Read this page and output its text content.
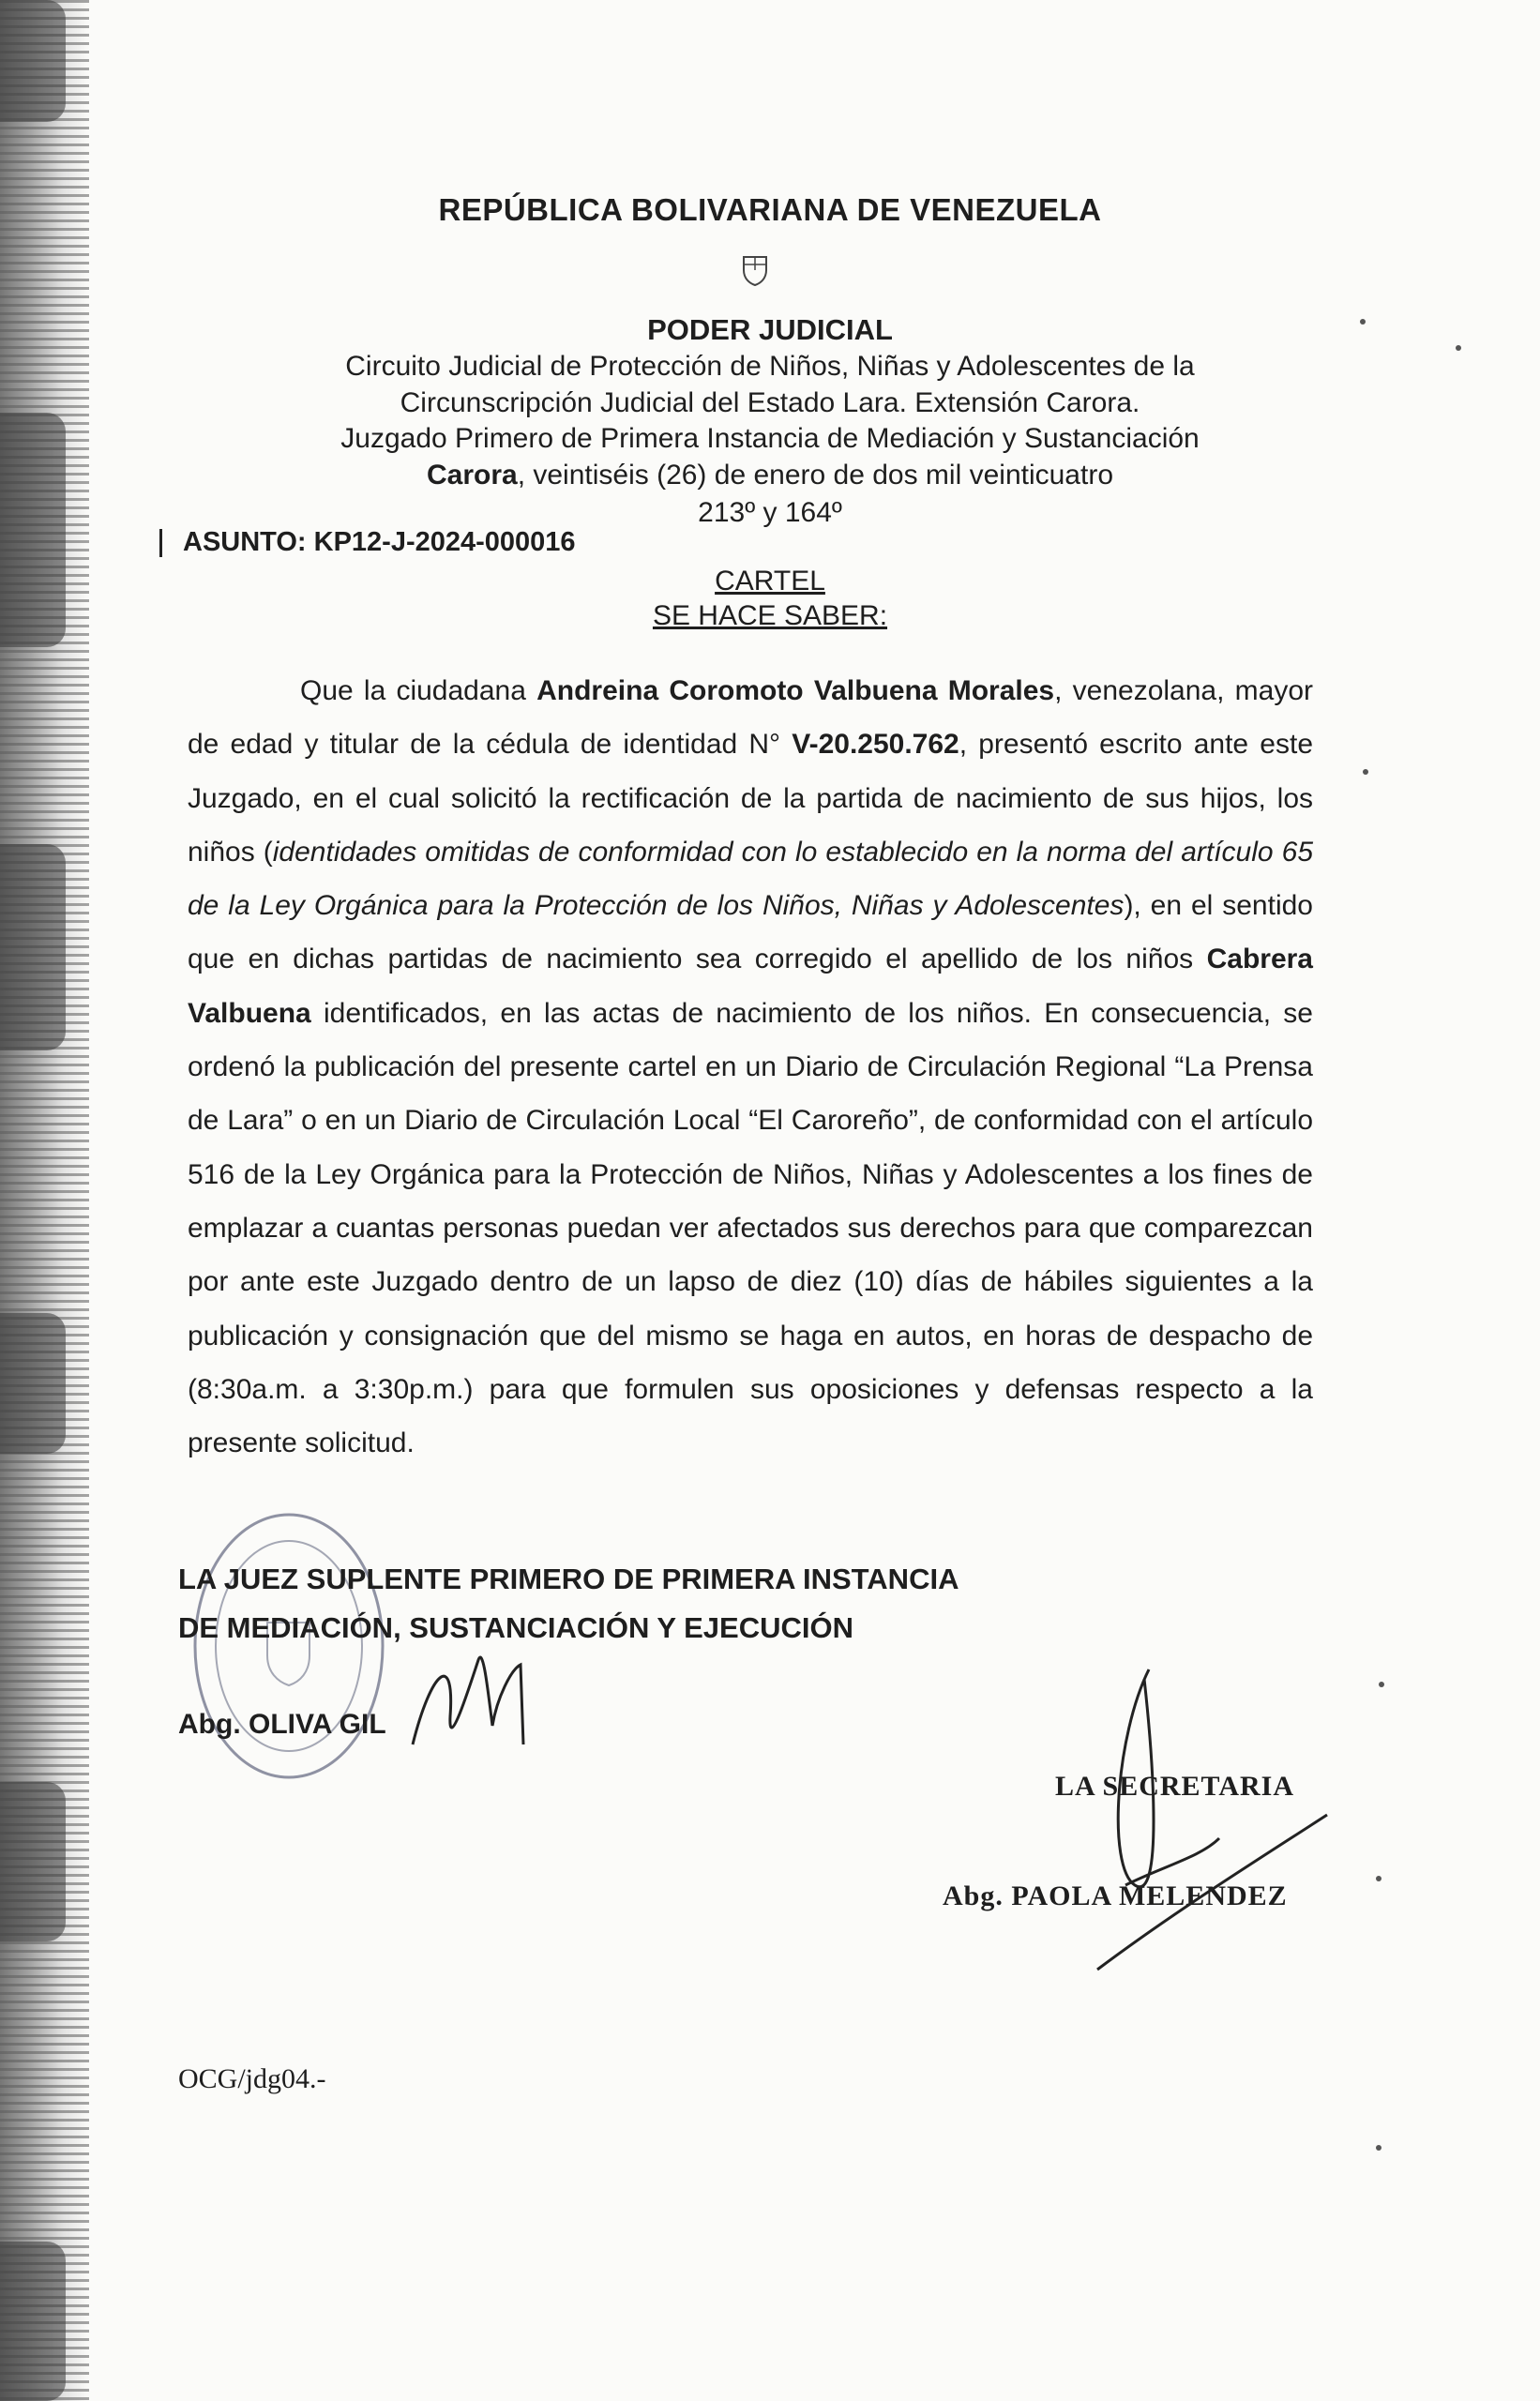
REPÚBLICA BOLIVARIANA DE VENEZUELA
PODER JUDICIAL
Circuito Judicial de Protección de Niños, Niñas y Adolescentes de la
Circunscripción Judicial del Estado Lara. Extensión Carora.
Juzgado Primero de Primera Instancia de Mediación y Sustanciación
Carora, veintiséis (26) de enero de dos mil veinticuatro
213º y 164º
ASUNTO: KP12-J-2024-000016
CARTEL
SE HACE SABER:

Que la ciudadana Andreina Coromoto Valbuena Morales, venezolana, mayor de edad y titular de la cédula de identidad N° V-20.250.762, presentó escrito ante este Juzgado, en el cual solicitó la rectificación de la partida de nacimiento de sus hijos, los niños (identidades omitidas de conformidad con lo establecido en la norma del artículo 65 de la Ley Orgánica para la Protección de los Niños, Niñas y Adolescentes), en el sentido que en dichas partidas de nacimiento sea corregido el apellido de los niños Cabrera Valbuena identificados, en las actas de nacimiento de los niños. En consecuencia, se ordenó la publicación del presente cartel en un Diario de Circulación Regional “La Prensa de Lara” o en un Diario de Circulación Local “El Caroreño”, de conformidad con el artículo 516 de la Ley Orgánica para la Protección de Niños, Niñas y Adolescentes a los fines de emplazar a cuantas personas puedan ver afectados sus derechos para que comparezcan por ante este Juzgado dentro de un lapso de diez (10) días de hábiles siguientes a la publicación y consignación que del mismo se haga en autos, en horas de despacho de (8:30a.m. a 3:30p.m.) para que formulen sus oposiciones y defensas respecto a la presente solicitud.

LA JUEZ SUPLENTE PRIMERO DE PRIMERA INSTANCIA
DE MEDIACIÓN, SUSTANCIACIÓN Y EJECUCIÓN
Abg. OLIVA GIL
LA SECRETARIA
Abg. PAOLA MELENDEZ
OCG/jdg04.-
